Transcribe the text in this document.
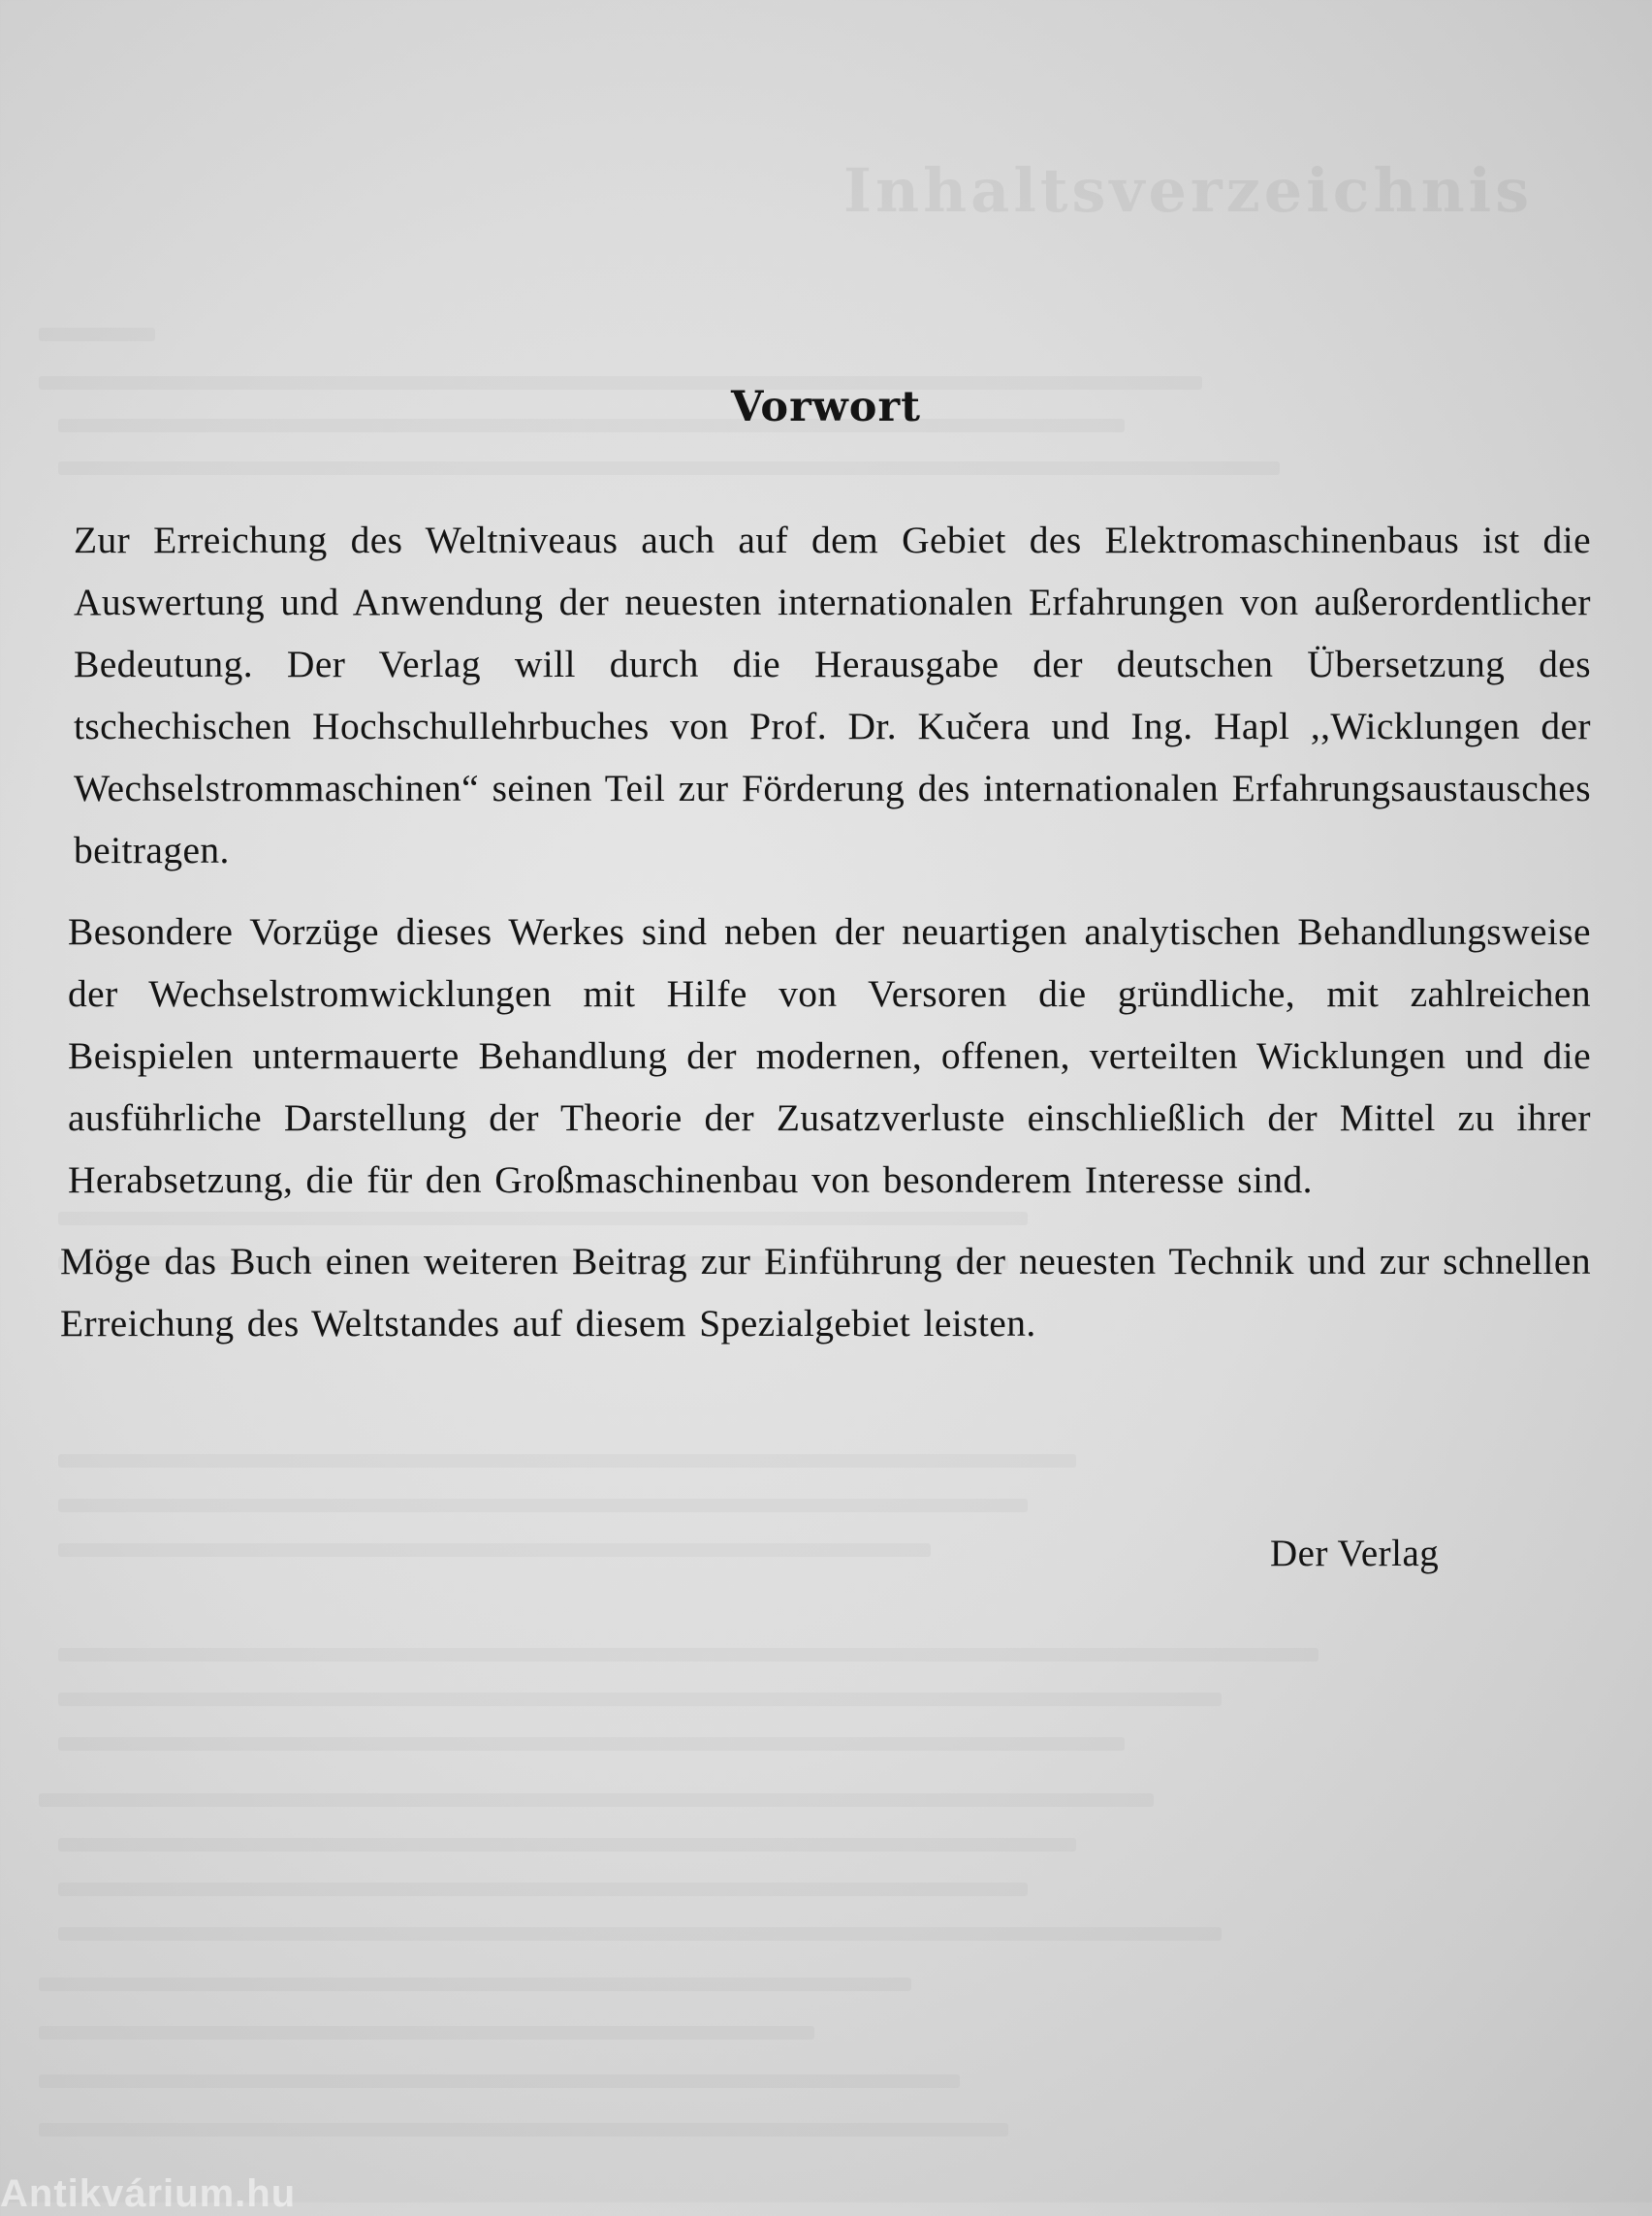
Inhaltsverzeichnis
Vorwort

Zur Erreichung des Weltniveaus auch auf dem Gebiet des Elektromaschinenbaus ist die Auswertung und Anwendung der neuesten internationalen Erfahrungen von außerordentlicher Bedeutung. Der Verlag will durch die Herausgabe der deutschen Übersetzung des tschechischen Hochschullehrbuches von Prof. Dr. Kučera und Ing. Hapl ,,Wicklungen der Wechselstrommaschinen“ seinen Teil zur Förderung des internationalen Erfahrungsaustausches beitragen.

Besondere Vorzüge dieses Werkes sind neben der neuartigen analytischen Behandlungsweise der Wechselstromwicklungen mit Hilfe von Versoren die gründliche, mit zahlreichen Beispielen untermauerte Behandlung der modernen, offenen, verteilten Wicklungen und die ausführliche Darstellung der Theorie der Zusatzverluste einschließlich der Mittel zu ihrer Herabsetzung, die für den Großmaschinenbau von besonderem Interesse sind.

Möge das Buch einen weiteren Beitrag zur Einführung der neuesten Technik und zur schnellen Erreichung des Weltstandes auf diesem Spezialgebiet leisten.

Der Verlag
Antikvárium.hu
